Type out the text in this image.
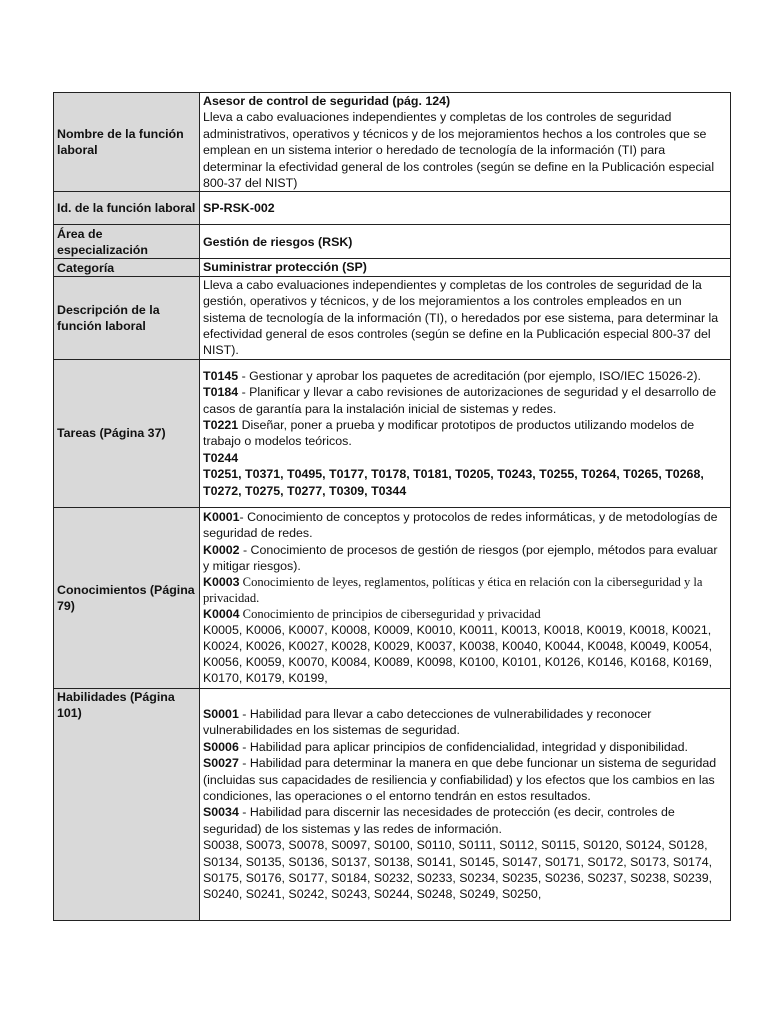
Nombre de la función laboral	Asesor de control de seguridad (pág. 124)
Lleva a cabo evaluaciones independientes y completas de los controles de seguridad administrativos, operativos y técnicos y de los mejoramientos hechos a los controles que se emplean en un sistema interior o heredado de tecnología de la información (TI) para determinar la efectividad general de los controles (según se define en la Publicación especial 800-37 del NIST)

Id. de la función laboral	SP-RSK-002
Área de especialización	Gestión de riesgos (RSK)
Categoría	Suministrar protección (SP)
Descripción de la función laboral	Lleva a cabo evaluaciones independientes y completas de los controles de seguridad de la gestión, operativos y técnicos, y de los mejoramientos a los controles empleados en un sistema de tecnología de la información (TI), o heredados por ese sistema, para determinar la efectividad general de esos controles (según se define en la Publicación especial 800-37 del NIST).
Tareas (Página 37)	T0145 - Gestionar y aprobar los paquetes de acreditación (por ejemplo, ISO/IEC 15026-2).
T0184 - Planificar y llevar a cabo revisiones de autorizaciones de seguridad y el desarrollo de casos de garantía para la instalación inicial de sistemas y redes.
T0221 Diseñar, poner a prueba y modificar prototipos de productos utilizando modelos de trabajo o modelos teóricos.
T0244
T0251, T0371, T0495, T0177, T0178, T0181, T0205, T0243, T0255, T0264, T0265, T0268, T0272, T0275, T0277, T0309, T0344

Conocimientos (Página 79)	K0001- Conocimiento de conceptos y protocolos de redes informáticas, y de metodologías de seguridad de redes.
K0002 - Conocimiento de procesos de gestión de riesgos (por ejemplo, métodos para evaluar y mitigar riesgos).
K0003 Conocimiento de leyes, reglamentos, políticas y ética en relación con la ciberseguridad y la privacidad.
K0004 Conocimiento de principios de ciberseguridad y privacidad
K0005, K0006, K0007, K0008, K0009, K0010, K0011, K0013, K0018, K0019, K0018, K0021, K0024, K0026, K0027, K0028, K0029, K0037, K0038, K0040, K0044, K0048, K0049, K0054, K0056, K0059, K0070, K0084, K0089, K0098, K0100, K0101, K0126, K0146, K0168, K0169, K0170, K0179, K0199,

Habilidades (Página 101)	S0001 - Habilidad para llevar a cabo detecciones de vulnerabilidades y reconocer vulnerabilidades en los sistemas de seguridad.
S0006 - Habilidad para aplicar principios de confidencialidad, integridad y disponibilidad.
S0027 - Habilidad para determinar la manera en que debe funcionar un sistema de seguridad (incluidas sus capacidades de resiliencia y confiabilidad) y los efectos que los cambios en las condiciones, las operaciones o el entorno tendrán en estos resultados.
S0034 - Habilidad para discernir las necesidades de protección (es decir, controles de seguridad) de los sistemas y las redes de información.
S0038, S0073, S0078, S0097, S0100, S0110, S0111, S0112, S0115, S0120, S0124, S0128, S0134, S0135, S0136, S0137, S0138, S0141, S0145, S0147, S0171, S0172, S0173, S0174, S0175, S0176, S0177, S0184, S0232, S0233, S0234, S0235, S0236, S0237, S0238, S0239, S0240, S0241, S0242, S0243, S0244, S0248, S0249, S0250,
